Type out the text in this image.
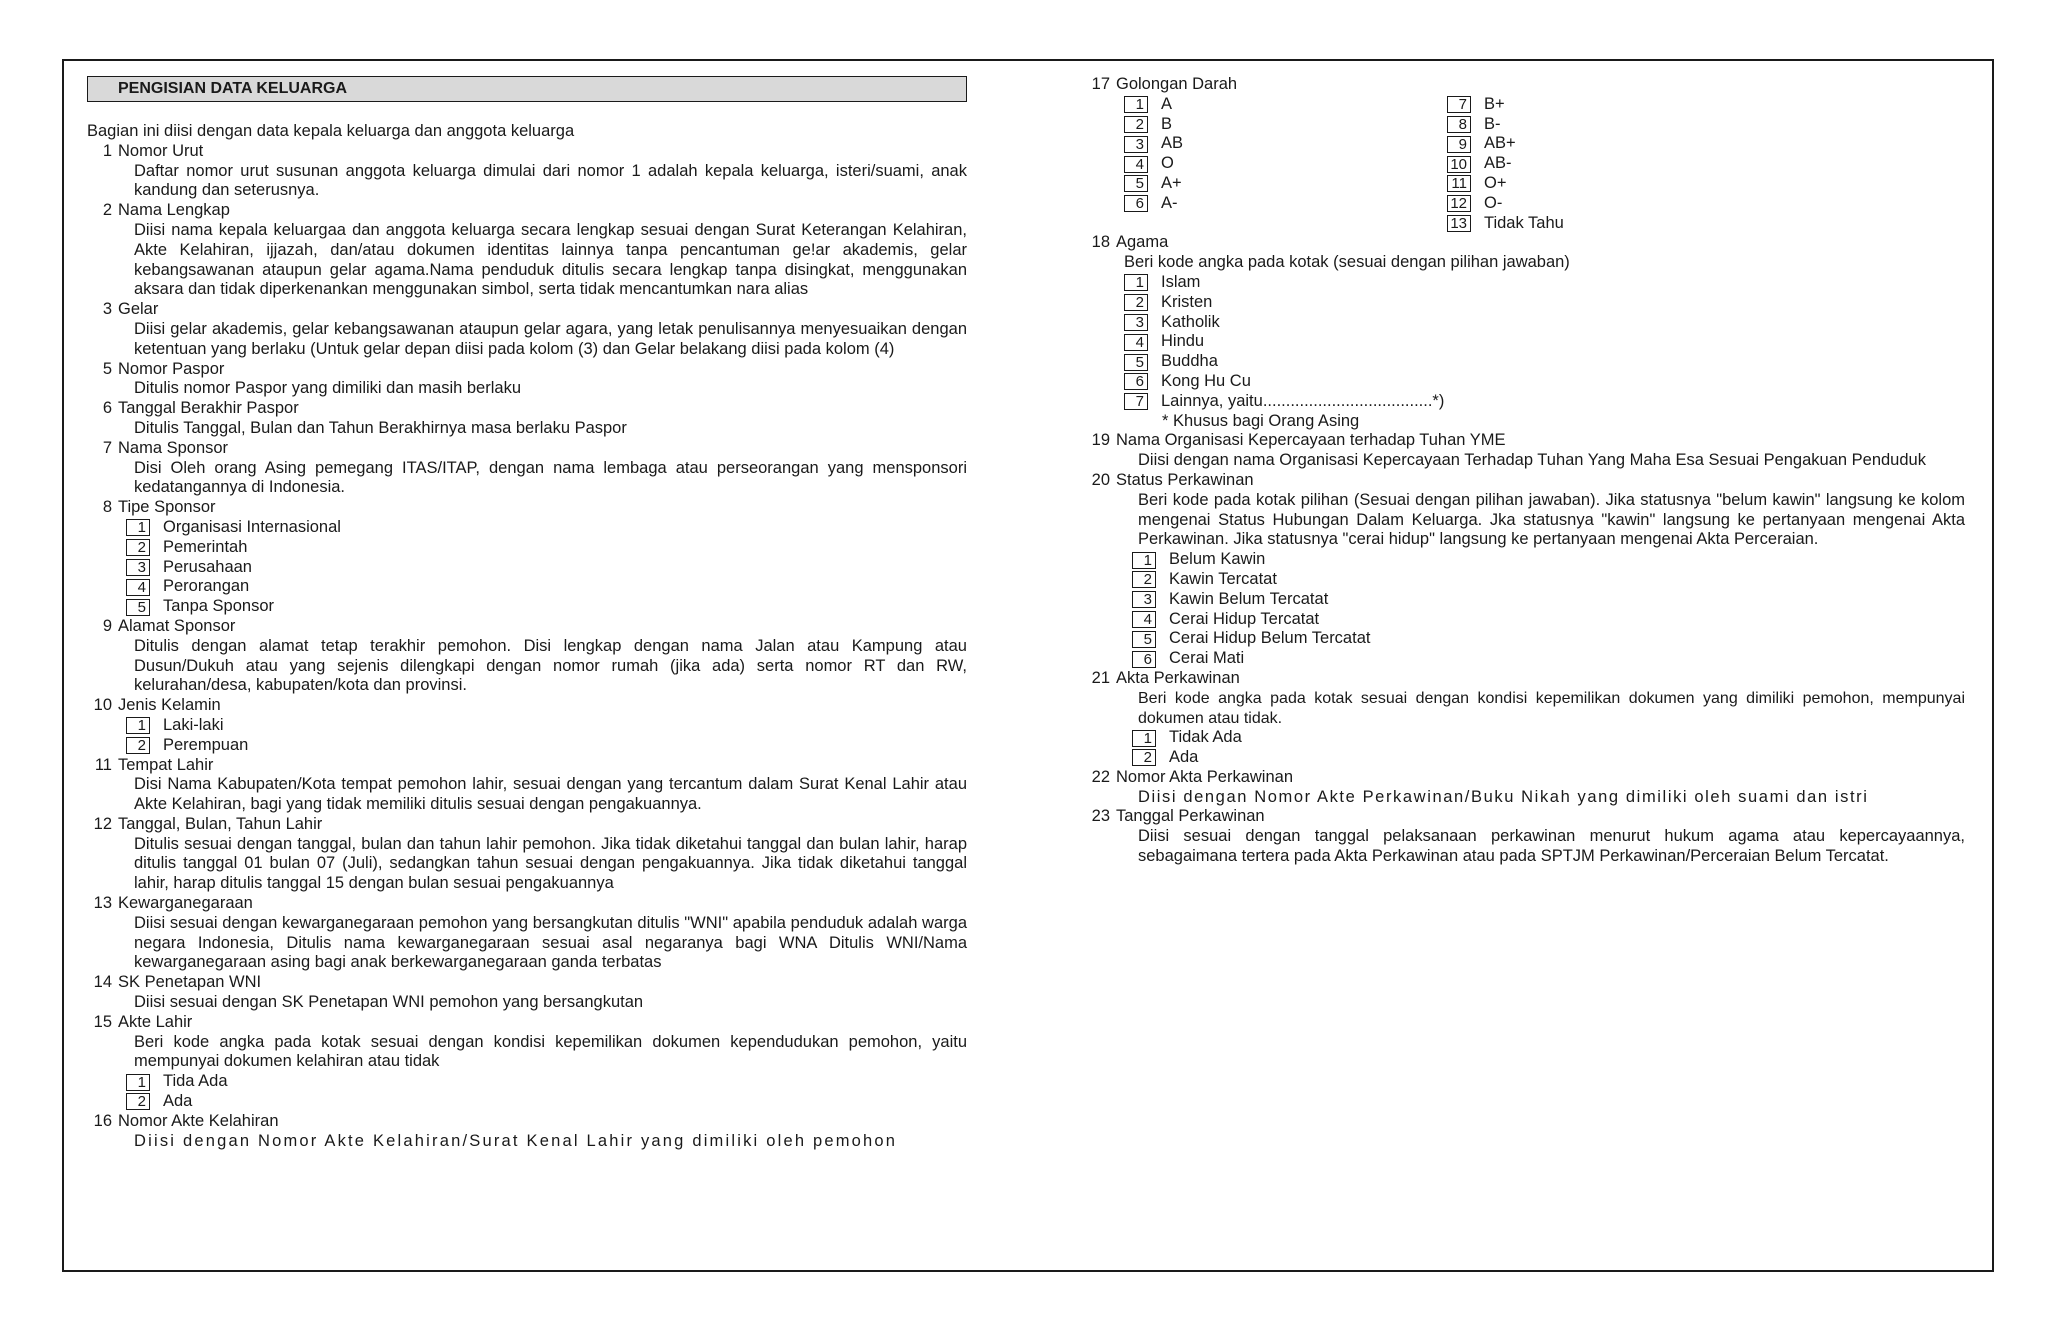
PENGISIAN DATA KELUARGA
Bagian ini diisi dengan data kepala keluarga dan anggota keluarga
1 Nomor Urut
Daftar nomor urut susunan anggota keluarga dimulai dari nomor 1 adalah kepala keluarga, isteri/suami, anak kandung dan seterusnya.
2 Nama Lengkap
Diisi nama kepala keluargaa dan anggota keluarga secara lengkap sesuai dengan Surat Keterangan Kelahiran, Akte Kelahiran, ijjazah, dan/atau dokumen identitas lainnya tanpa pencantuman ge!ar akademis, gelar kebangsawanan ataupun gelar agama.Nama penduduk ditulis secara lengkap tanpa disingkat, menggunakan aksara dan tidak diperkenankan menggunakan simbol, serta tidak mencantumkan nara alias
3 Gelar
Diisi gelar akademis, gelar kebangsawanan ataupun gelar agara, yang letak penulisannya menyesuaikan dengan ketentuan yang berlaku (Untuk gelar depan diisi pada kolom (3) dan Gelar belakang diisi pada kolom (4)
5 Nomor Paspor
Ditulis nomor Paspor yang dimiliki dan masih berlaku
6 Tanggal Berakhir Paspor
Ditulis Tanggal, Bulan dan Tahun Berakhirnya masa berlaku Paspor
7 Nama Sponsor
Disi Oleh orang Asing pemegang ITAS/ITAP, dengan nama lembaga atau perseorangan yang mensponsori kedatangannya di Indonesia.
8 Tipe Sponsor
1 Organisasi Internasional
2 Pemerintah
3 Perusahaan
4 Perorangan
5 Tanpa Sponsor
9 Alamat Sponsor
Ditulis dengan alamat tetap terakhir pemohon. Disi lengkap dengan nama Jalan atau Kampung atau Dusun/Dukuh atau yang sejenis dilengkapi dengan nomor rumah (jika ada) serta nomor RT dan RW, kelurahan/desa, kabupaten/kota dan provinsi.
10 Jenis Kelamin
1 Laki-laki
2 Perempuan
11 Tempat Lahir
Disi Nama Kabupaten/Kota tempat pemohon lahir, sesuai dengan yang tercantum dalam Surat Kenal Lahir atau Akte Kelahiran, bagi yang tidak memiliki ditulis sesuai dengan pengakuannya.
12 Tanggal, Bulan, Tahun Lahir
Ditulis sesuai dengan tanggal, bulan dan tahun lahir pemohon. Jika tidak diketahui tanggal dan bulan lahir, harap ditulis tanggal 01 bulan 07 (Juli), sedangkan tahun sesuai dengan pengakuannya. Jika tidak diketahui tanggal lahir, harap ditulis tanggal 15 dengan bulan sesuai pengakuannya
13 Kewarganegaraan
Diisi sesuai dengan kewarganegaraan pemohon yang bersangkutan ditulis "WNI" apabila penduduk adalah warga negara Indonesia, Ditulis nama kewarganegaraan sesuai asal negaranya bagi WNA Ditulis WNI/Nama kewarganegaraan asing bagi anak berkewarganegaraan ganda terbatas
14 SK Penetapan WNI
Diisi sesuai dengan SK Penetapan WNI pemohon yang bersangkutan
15 Akte Lahir
Beri kode angka pada kotak sesuai dengan kondisi kepemilikan dokumen kependudukan pemohon, yaitu mempunyai dokumen kelahiran atau tidak
1 Tida Ada
2 Ada
16 Nomor Akte Kelahiran
Diisi dengan Nomor Akte Kelahiran/Surat Kenal Lahir yang dimiliki oleh pemohon
17 Golongan Darah
1 A
2 B
3 AB
4 O
5 A+
6 A-
7 B+
8 B-
9 AB+
10 AB-
11 O+
12 O-
13 Tidak Tahu
18 Agama
Beri kode angka pada kotak (sesuai dengan pilihan jawaban)
1 Islam
2 Kristen
3 Katholik
4 Hindu
5 Buddha
6 Kong Hu Cu
7 Lainnya, yaitu.....................................*)
* Khusus bagi Orang Asing
19 Nama Organisasi Kepercayaan terhadap Tuhan YME
Diisi dengan nama Organisasi Kepercayaan Terhadap Tuhan Yang Maha Esa Sesuai Pengakuan Penduduk
20 Status Perkawinan
Beri kode pada kotak pilihan (Sesuai dengan pilihan jawaban). Jika statusnya "belum kawin" langsung ke kolom mengenai Status Hubungan Dalam Keluarga. Jka statusnya "kawin" langsung ke pertanyaan mengenai Akta Perkawinan. Jika statusnya "cerai hidup" langsung ke pertanyaan mengenai Akta Perceraian.
1 Belum Kawin
2 Kawin Tercatat
3 Kawin Belum Tercatat
4 Cerai Hidup Tercatat
5 Cerai Hidup Belum Tercatat
6 Cerai Mati
21 Akta Perkawinan
Beri kode angka pada kotak sesuai dengan kondisi kepemilikan dokumen yang dimiliki pemohon, mempunyai dokumen atau tidak.
1 Tidak Ada
2 Ada
22 Nomor Akta Perkawinan
Diisi dengan Nomor Akte Perkawinan/Buku Nikah yang dimiliki oleh suami dan istri
23 Tanggal Perkawinan
Diisi sesuai dengan tanggal pelaksanaan perkawinan menurut hukum agama atau kepercayaannya, sebagaimana tertera pada Akta Perkawinan atau pada SPTJM Perkawinan/Perceraian Belum Tercatat.
